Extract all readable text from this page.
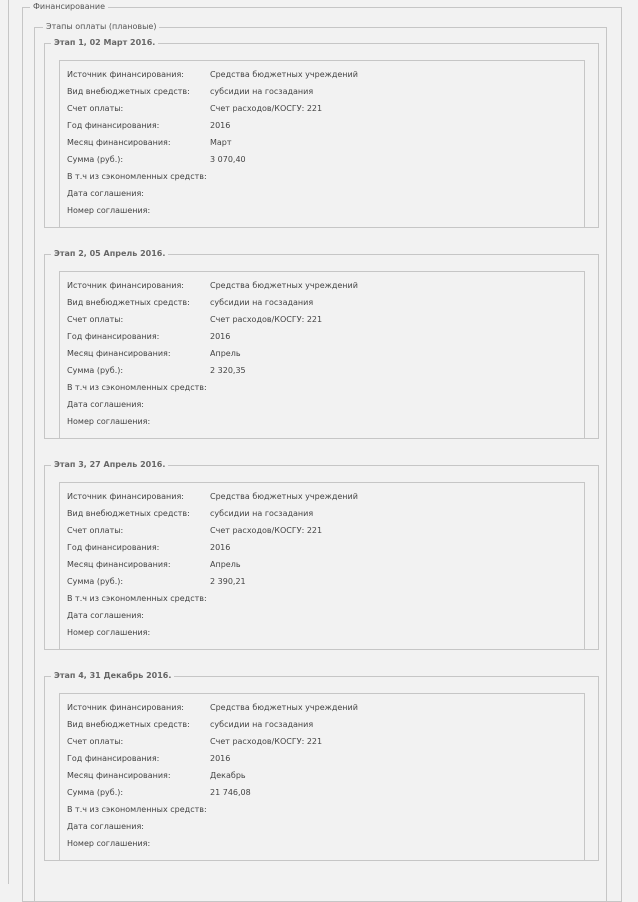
Финансирование
Этапы оплаты (плановые)
Этап 1, 02 Март 2016.
Источник финансирования:	Средства бюджетных учреждений
Вид внебюджетных средств:	субсидии на госзадания
Счет оплаты:	Счет расходов/КОСГУ: 221
Год финансирования:	2016
Месяц финансирования:	Март
Сумма (руб.):	3 070,40
В т.ч из сэкономленных средств:
Дата соглашения:
Номер соглашения:
Этап 2, 05 Апрель 2016.
Источник финансирования:	Средства бюджетных учреждений
Вид внебюджетных средств:	субсидии на госзадания
Счет оплаты:	Счет расходов/КОСГУ: 221
Год финансирования:	2016
Месяц финансирования:	Апрель
Сумма (руб.):	2 320,35
В т.ч из сэкономленных средств:
Дата соглашения:
Номер соглашения:
Этап 3, 27 Апрель 2016.
Источник финансирования:	Средства бюджетных учреждений
Вид внебюджетных средств:	субсидии на госзадания
Счет оплаты:	Счет расходов/КОСГУ: 221
Год финансирования:	2016
Месяц финансирования:	Апрель
Сумма (руб.):	2 390,21
В т.ч из сэкономленных средств:
Дата соглашения:
Номер соглашения:
Этап 4, 31 Декабрь 2016.
Источник финансирования:	Средства бюджетных учреждений
Вид внебюджетных средств:	субсидии на госзадания
Счет оплаты:	Счет расходов/КОСГУ: 221
Год финансирования:	2016
Месяц финансирования:	Декабрь
Сумма (руб.):	21 746,08
В т.ч из сэкономленных средств:
Дата соглашения:
Номер соглашения:
